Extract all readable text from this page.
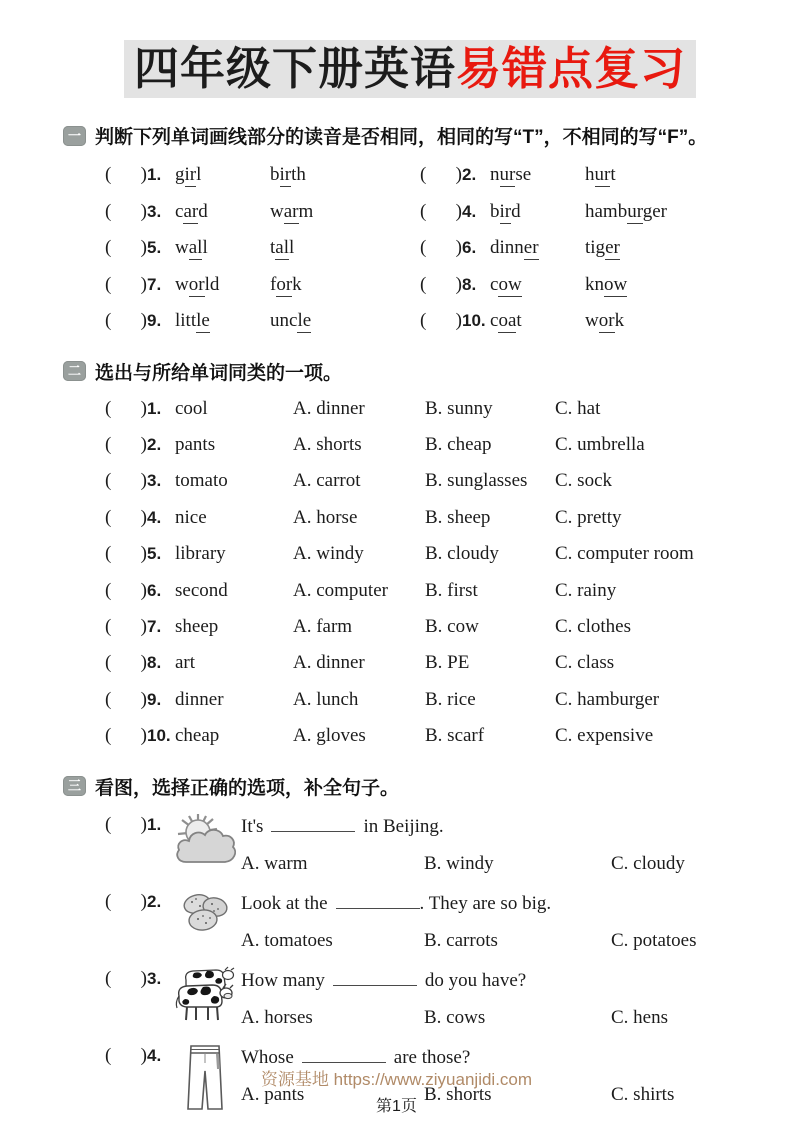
四年级下册英语易错点复习
一 判断下列单词画线部分的读音是否相同，相同的写“T”，不相同的写“F”。
( ) 1. girl	birth	( ) 2. nurse	hurt
( ) 3. card	warm	( ) 4. bird	hamburger
( ) 5. wall	tall	( ) 6. dinner	tiger
( ) 7. world	fork	( ) 8. cow	know
( ) 9. little	uncle	( ) 10. coat	work
二 选出与所给单词同类的一项。
( ) 1. cool	A. dinner	B. sunny	C. hat
( ) 2. pants	A. shorts	B. cheap	C. umbrella
( ) 3. tomato	A. carrot	B. sunglasses	C. sock
( ) 4. nice	A. horse	B. sheep	C. pretty
( ) 5. library	A. windy	B. cloudy	C. computer room
( ) 6. second	A. computer	B. first	C. rainy
( ) 7. sheep	A. farm	B. cow	C. clothes
( ) 8. art	A. dinner	B. PE	C. class
( ) 9. dinner	A. lunch	B. rice	C. hamburger
( ) 10. cheap	A. gloves	B. scarf	C. expensive
三 看图，选择正确的选项，补全句子。
( ) 1.	It's	in Beijing.
A. warm	B. windy	C. cloudy
( ) 2.	Look at the	. They are so big.
A. tomatoes	B. carrots	C. potatoes
( ) 3.	How many	do you have?
A. horses	B. cows	C. hens
( ) 4.	Whose	are those?
A. pants	B. shorts	C. shirts
资源基地 https://www.ziyuanjidi.com
第1页
